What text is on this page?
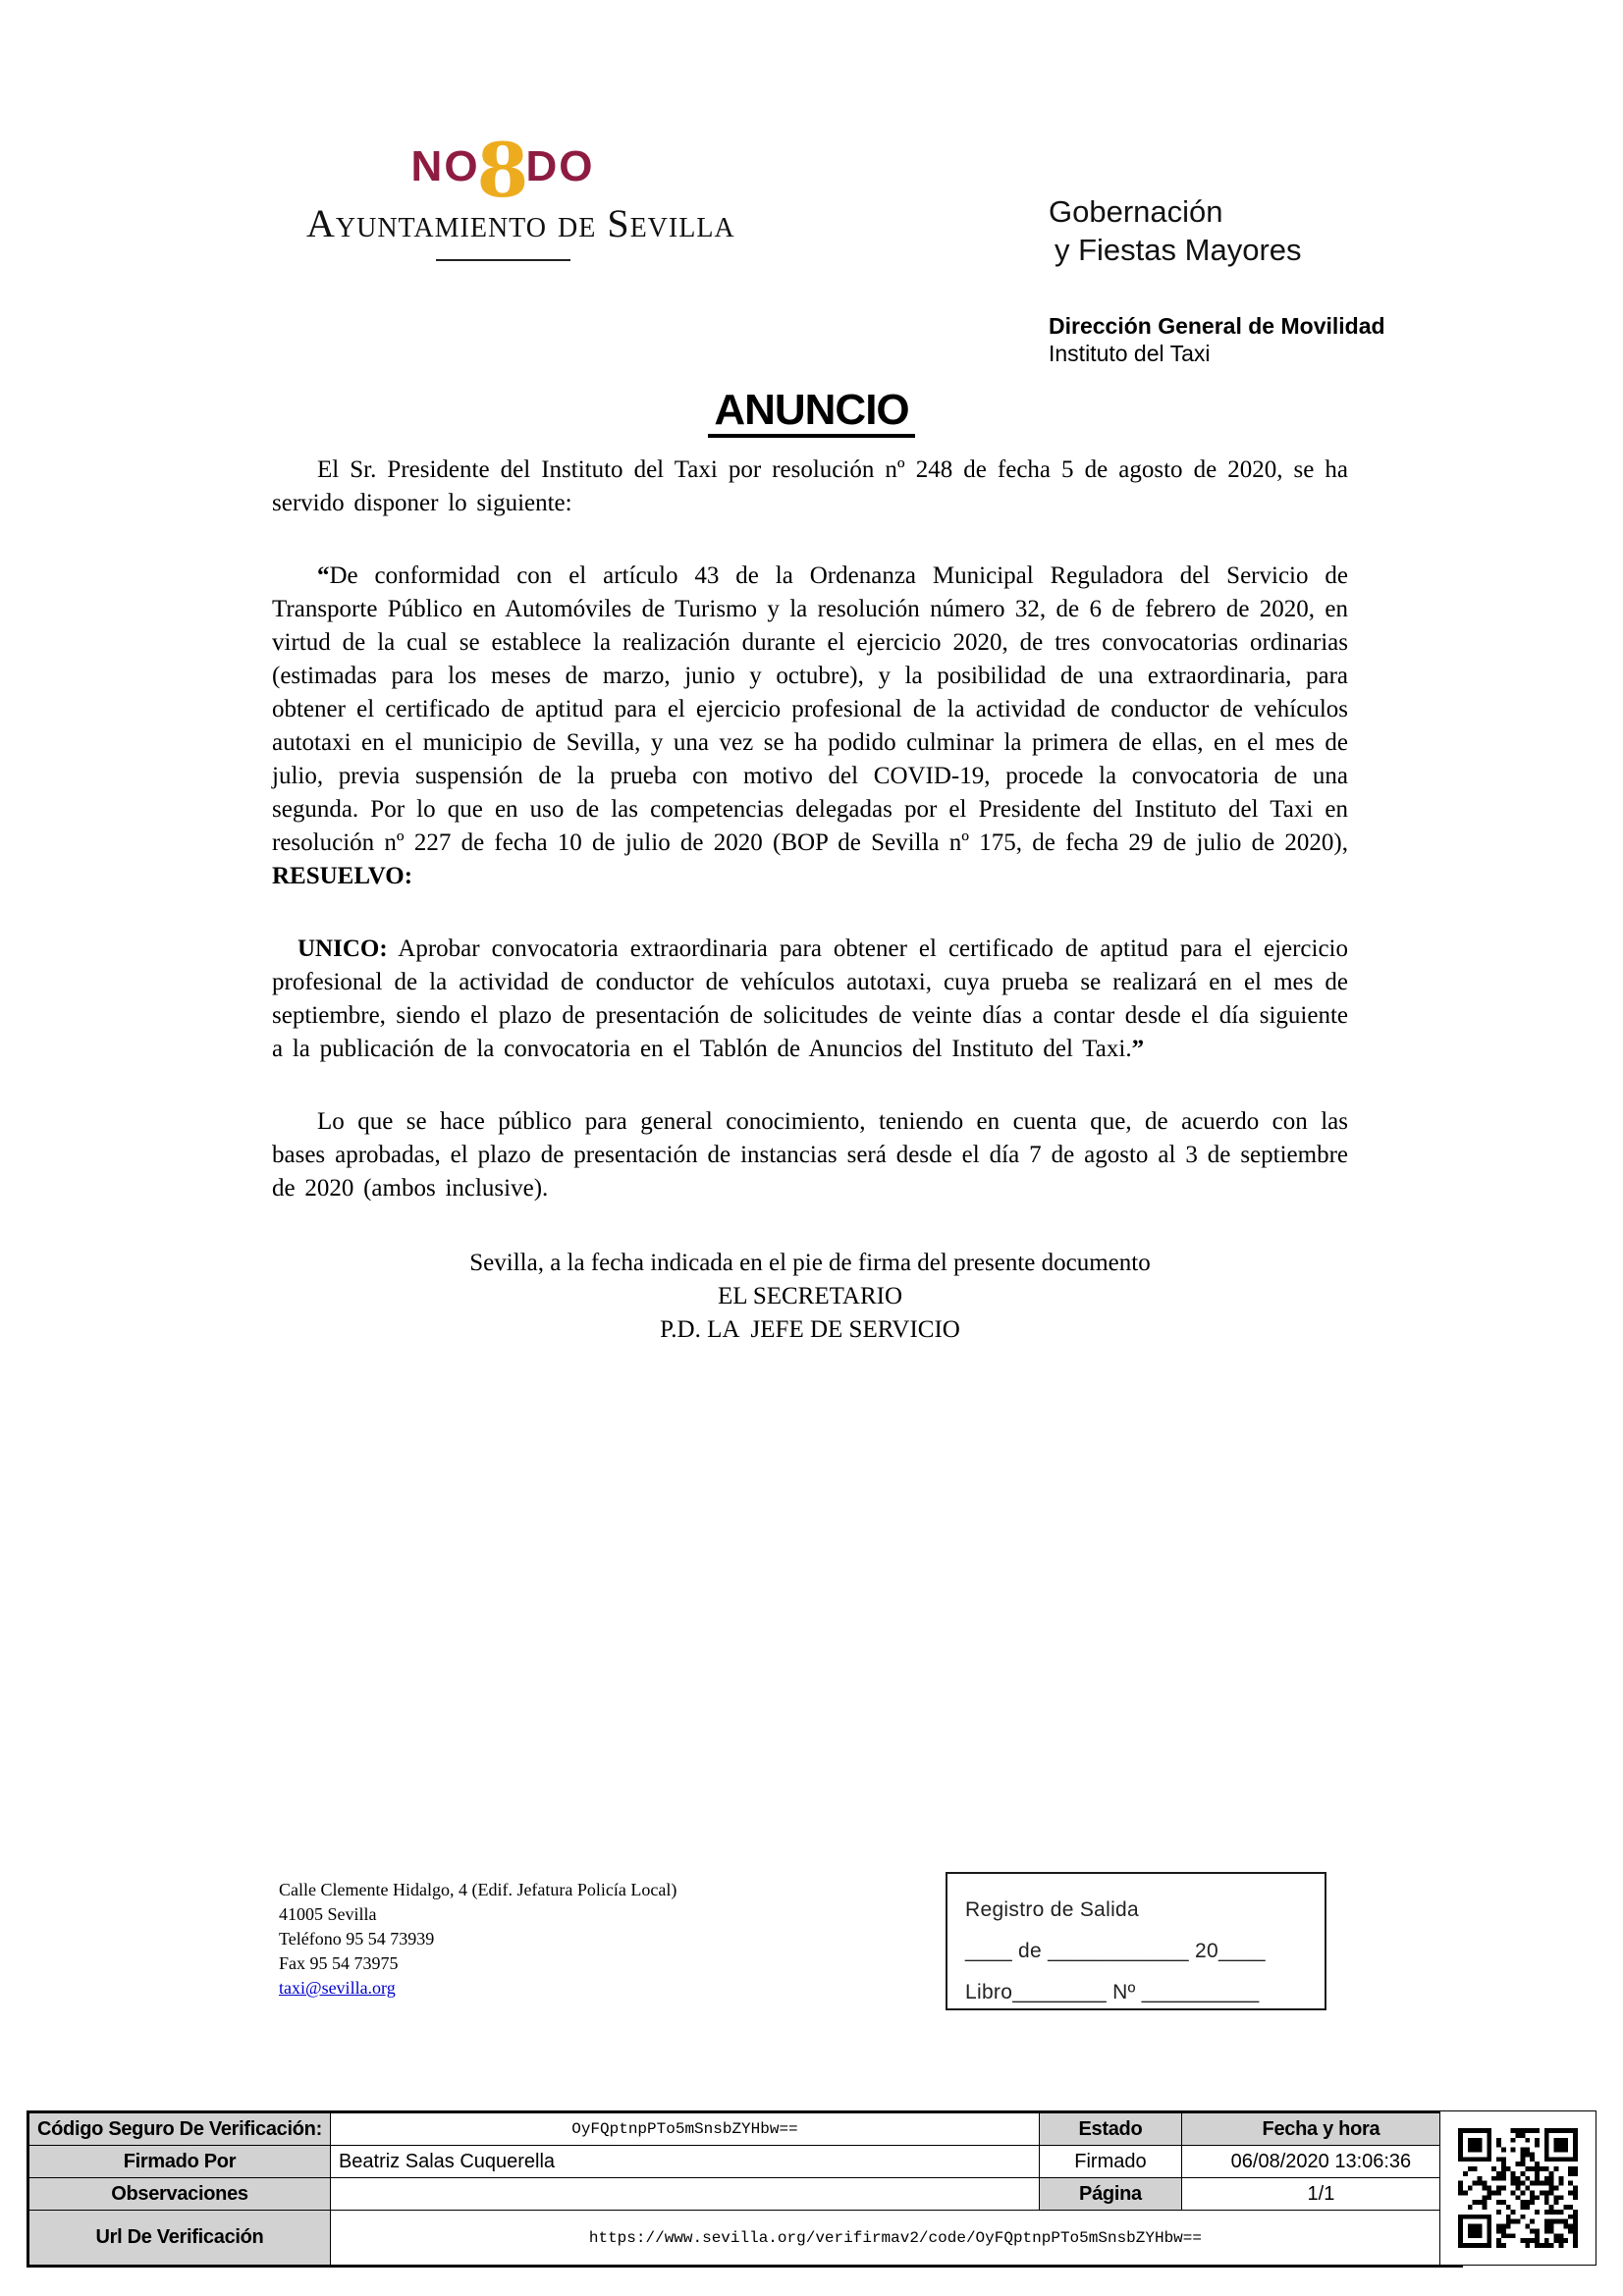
NO
8
DO
Ayuntamiento de Sevilla	Gobernación
y Fiestas Mayores
Dirección General de Movilidad
Instituto del Taxi
ANUNCIO

El Sr. Presidente del Instituto del Taxi por resolución nº 248 de fecha 5 de agosto de 2020, se ha servido disponer lo siguiente:

“De conformidad con el artículo 43 de la Ordenanza Municipal Reguladora del Servicio de Transporte Público en Automóviles de Turismo y la resolución número 32, de 6 de febrero de 2020, en virtud de la cual se establece la realización durante el ejercicio 2020, de tres convocatorias ordinarias (estimadas para los meses de marzo, junio y octubre), y la posibilidad de una extraordinaria, para obtener el certificado de aptitud para el ejercicio profesional de la actividad de conductor de vehículos autotaxi en el municipio de Sevilla, y una vez se ha podido culminar la primera de ellas, en el mes de julio, previa suspensión de la prueba con motivo del COVID-19, procede la convocatoria de una segunda. Por lo que en uso de las competencias delegadas por el Presidente del Instituto del Taxi en resolución nº 227 de fecha 10 de julio de 2020 (BOP de Sevilla nº 175, de fecha 29 de julio de 2020), RESUELVO:

UNICO: Aprobar convocatoria extraordinaria para obtener el certificado de aptitud para el ejercicio profesional de la actividad de conductor de vehículos autotaxi, cuya prueba se realizará en el mes de septiembre, siendo el plazo de presentación de solicitudes de veinte días a contar desde el día siguiente a la publicación de la convocatoria en el Tablón de Anuncios del Instituto del Taxi.”

Lo que se hace público para general conocimiento, teniendo en cuenta que, de acuerdo con las bases aprobadas, el plazo de presentación de instancias será desde el día 7 de agosto al 3 de septiembre de 2020 (ambos inclusive).

Sevilla, a la fecha indicada en el pie de firma del presente documento
EL SECRETARIO
P.D. LA  JEFE DE SERVICIO
Calle Clemente Hidalgo, 4 (Edif. Jefatura Policía Local)
41005 Sevilla
Teléfono 95 54 73939
Fax 95 54 73975
taxi@sevilla.org
Registro de Salida
____ de ____________ 20____
Libro________ Nº __________
Código Seguro De Verificación:	OyFQptnpPTo5mSnsbZYHbw==	Estado	Fecha y hora
Firmado Por	Beatriz Salas Cuquerella	Firmado	06/08/2020 13:06:36
Observaciones		Página	1/1
Url De Verificación	https://www.sevilla.org/verifirmav2/code/OyFQptnpPTo5mSnsbZYHbw==		
